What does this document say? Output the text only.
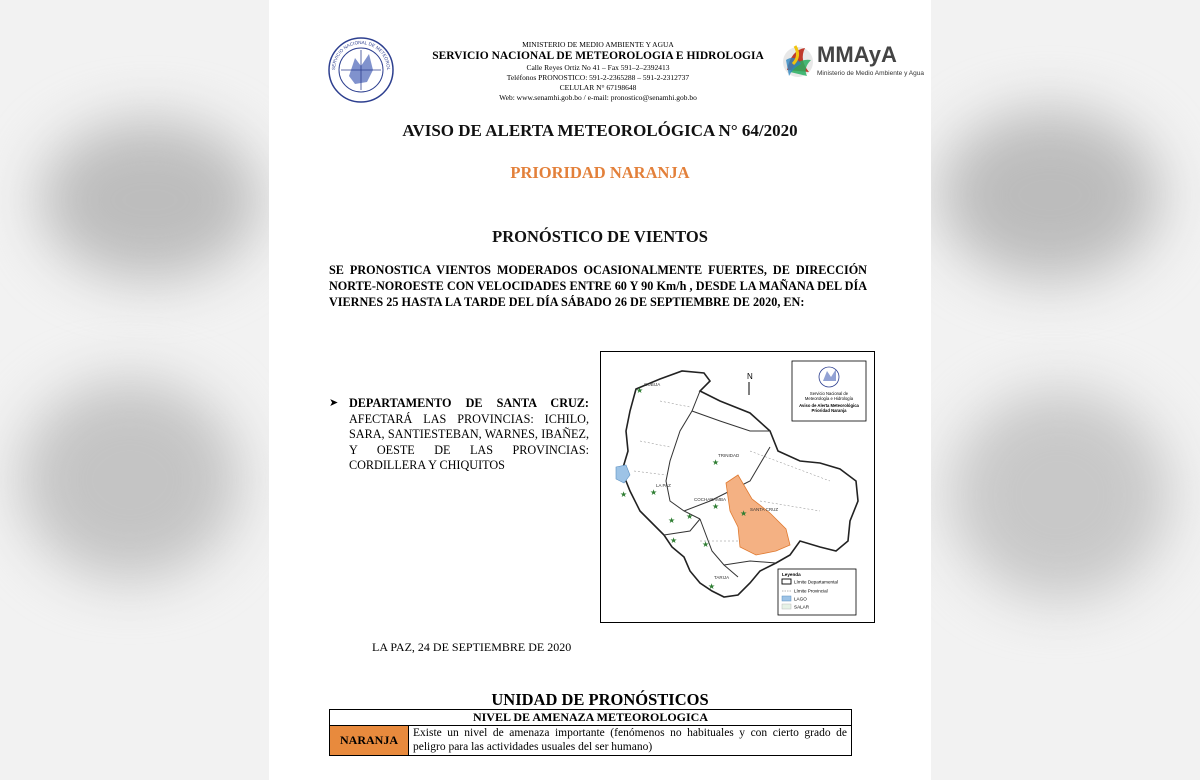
SERVICIO NACIONAL DE METEOROL
MINISTERIO DE MEDIO AMBIENTE Y AGUA
SERVICIO NACIONAL DE METEOROLOGIA E HIDROLOGIA
Calle Reyes Ortiz No 41 – Fax 591–2–2392413
Teléfonos PRONOSTICO: 591-2-2365288 – 591-2-2312737
CELULAR N° 67198648
Web: www.senamhi.gob.bo / e-mail: pronostico@senamhi.gob.bo
MMAyA
Ministerio de Medio Ambiente y Agua
AVISO DE ALERTA METEOROLÓGICA N° 64/2020
PRIORIDAD NARANJA
PRONÓSTICO DE VIENTOS
SE PRONOSTICA VIENTOS MODERADOS OCASIONALMENTE FUERTES, DE DIRECCIÓN NORTE-NOROESTE CON VELOCIDADES ENTRE 60 Y 90 Km/h , DESDE LA MAÑANA DEL DÍA VIERNES 25 HASTA LA TARDE DEL DÍA SÁBADO 26 DE SEPTIEMBRE DE 2020, EN:
➤ DEPARTAMENTO DE SANTA CRUZ: AFECTARÁ LAS PROVINCIAS: ICHILO, SARA, SANTIESTEBAN, WARNES, IBAÑEZ, Y OESTE DE LAS PROVINCIAS: CORDILLERA Y CHIQUITOS
N
★
★
★
★
★
★ ★
★	★
★
★
COBIJA
TRINIDAD
LA PAZ
COCHABAMBA
SANTA CRUZ
TARIJA
Servicio Nacional de
Meteorología e Hidrología
Aviso de Alerta Meteorológica
Prioridad Naranja
Leyenda
Límite Departamental
Límite Provincial
LAGO
SALAR
LA PAZ, 24 DE SEPTIEMBRE DE 2020
UNIDAD DE PRONÓSTICOS
NIVEL DE AMENAZA METEOROLOGICA
NARANJA	Existe un nivel de amenaza importante (fenómenos no habituales y con cierto grado de peligro para las actividades usuales del ser humano)
